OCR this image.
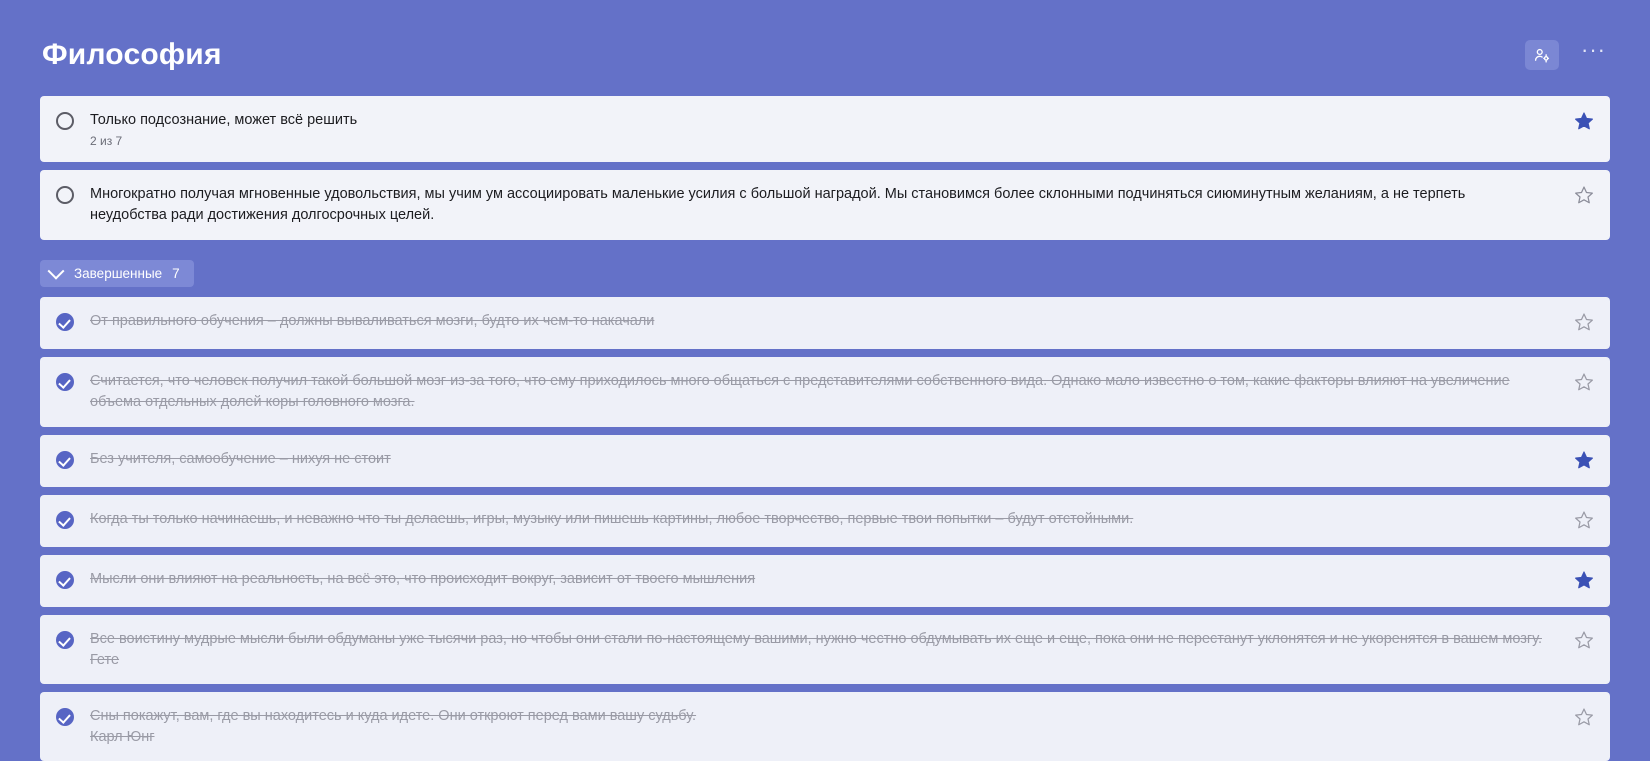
Философия	···
Только подсознание, может всё решить
2 из 7
Многократно получая мгновенные удовольствия, мы учим ум ассоциировать маленькие усилия с большой наградой. Мы становимся более склонными подчиняться сиюминутным желаниям, а не терпеть неудобства ради достижения долгосрочных целей.
Завершенные 7
От правильного обучения – должны вываливаться мозги, будто их чем-то накачали
Считается, что человек получил такой большой мозг из-за того, что ему приходилось много общаться с представителями собственного вида. Однако мало известно о том, какие факторы влияют на увеличение объема отдельных долей коры головного мозга.
Без учителя, самообучение – нихуя не стоит
Когда ты только начинаешь, и неважно что ты делаешь, игры, музыку или пишешь картины, любое творчество, первые твои попытки – будут отстойными.
Мысли они влияют на реальность, на всё это, что происходит вокруг, зависит от твоего мышления
Все воистину мудрые мысли были обдуманы уже тысячи раз, но чтобы они стали по-настоящему вашими, нужно честно обдумывать их еще и еще, пока они не перестанут уклонятся и не укоренятся в вашем мозгу.
Гете
Сны покажут, вам, где вы находитесь и куда идете. Они откроют перед вами вашу судьбу.
Карл Юнг
